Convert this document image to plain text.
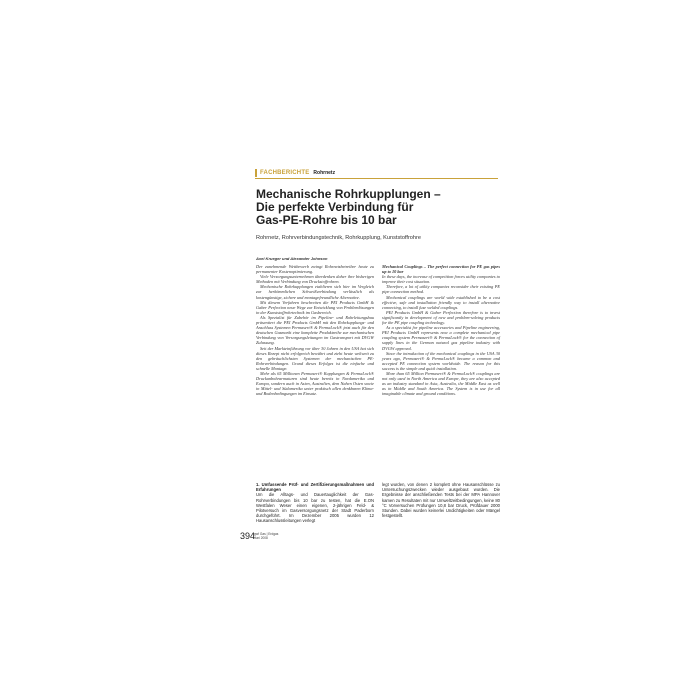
FACHBERICHTE Rohrnetz
Mechanische Rohrkupplungen –
Die perfekte Verbindung für
Gas-PE-Rohre bis 10 bar
Rohrnetz, Rohrverbindungstechnik, Rohrkupplung, Kunststoffrohre
Axel Krueger und Alexander Johnson

Der zunehmende Wettbewerb zwingt Rohrnetzbetreiber heute zu permanenter Kostenoptimierung.

Viele Versorgungsunternehmen überdenken daher ihre bisherigen Methoden mit Verbindung von Druckstoffrohren.

Mechanische Rohrkupplungen etablieren sich hier im Vergleich zur herkömmlichen Schweißverbindung verlässlich als kostengünstige, sichere und montagefreundliche Alternative.

Mit diesem Verfahren beschreiten die PEI Products GmbH & Gaber Perfection neue Wege zur Entwicklung von Problemlösungen in der Kunststoffrohrtechnik im Gasbereich.

Als Spezialist für Zubehör im Pipeline- und Rohrleitungsbau präsentiert die PEI Products GmbH mit den Rohrkupplungs- und Anschluss Systemen Permasert® & PermaLock® jetzt auch für den deutschen Gasmarkt eine komplette Produktreihe zur mechanischen Verbindung von Versorgungsleitungen im Gastransport mit DVGW Zulassung.

Seit der Markteinführung vor über 30 Jahren in den USA hat sich dieses Rezept nicht erfolgreich bewährt und zieht heute weltweit zu den gebräuchlichsten Systemen der mechanischen PE-Rohrverbindungen. Grund dieses Erfolges ist die einfache und schnelle Montage.

Mehr als 65 Millionen Permasert® Kupplungen & PermaLock® Druckanbohrarmaturen sind heute bereits in Nordamerika und Europa, sondern auch in Asien, Australien, dem Nahen Osten sowie in Mittel- und Südamerika unter praktisch allen denkbaren Klima- und Bodenbedingungen im Einsatz.

Mechanical Couplings – The perfect connection for PE gas pipes up to 10 bar

In these days, the increase of competition forces utility companies to improve their cost situation.

Therefore, a lot of utility companies reconsider their existing PE pipe connection method.

Mechanical couplings are world wide established to be a cost effective, safe and installation friendly way to install alternative connecting, to install fuse welded couplings.

PEI Products GmbH & Gaber Perfection therefore is to invest significantly in development of new and problem-solving products for the PE pipe coupling technology.

As a specialist for pipeline accessories and Pipeline engineering, PEI Products GmbH represents now a complete mechanical pipe coupling system Permasert® & PermaLock® for the connection of supply lines in the German natural gas pipeline industry with DVGW approval.

Since the introduction of the mechanical couplings in the USA 30 years ago, Permasert® & PermaLock® became a common and accepted PE connection system worldwide. The reason for this success is the simple and quick installation.

More than 65 Million Permasert® & PermaLock® couplings are not only used in North America and Europe, they are also accepted as an industry standard in Asia, Australia, the Middle East as well as in Middle and South America. The System is in use for all imaginable climate and ground conditions.

1. Umfassende Prüf- und Zertifizierungsmaßnahmen und Erfahrungen

Um die Alltags- und Dauertauglichkeit der Gas-Rohrverbindungen bis 10 bar zu testen, hat die E.ON Westfalen Weser einen eigenen, 2-jährigen Feld- & Pilotversuch im Gasversorgungsnetz der Stadt Paderborn durchgeführt. Im Dezember 2005 wurden 12 Hausanschlussleitungen verlegt

legt wurden, von denen 2 komplett ohne Hausanschlüsse zu Untersuchungszwecken wieder ausgebaut wurden. Die Ergebnisse der anschließenden Tests bei der MPA Hannover kamen zu Resultaten mit nur Umweltzeitbedingungen, keine 80 °C Vorversuchen Prüfungen 10,8 bar Druck, Prüfdauer 2000 Stunden. Dabei wurden keinerlei Undichtigkeiten oder Mängel festgestellt.

394
gwf Gas | Erdgas
Juni 2008
